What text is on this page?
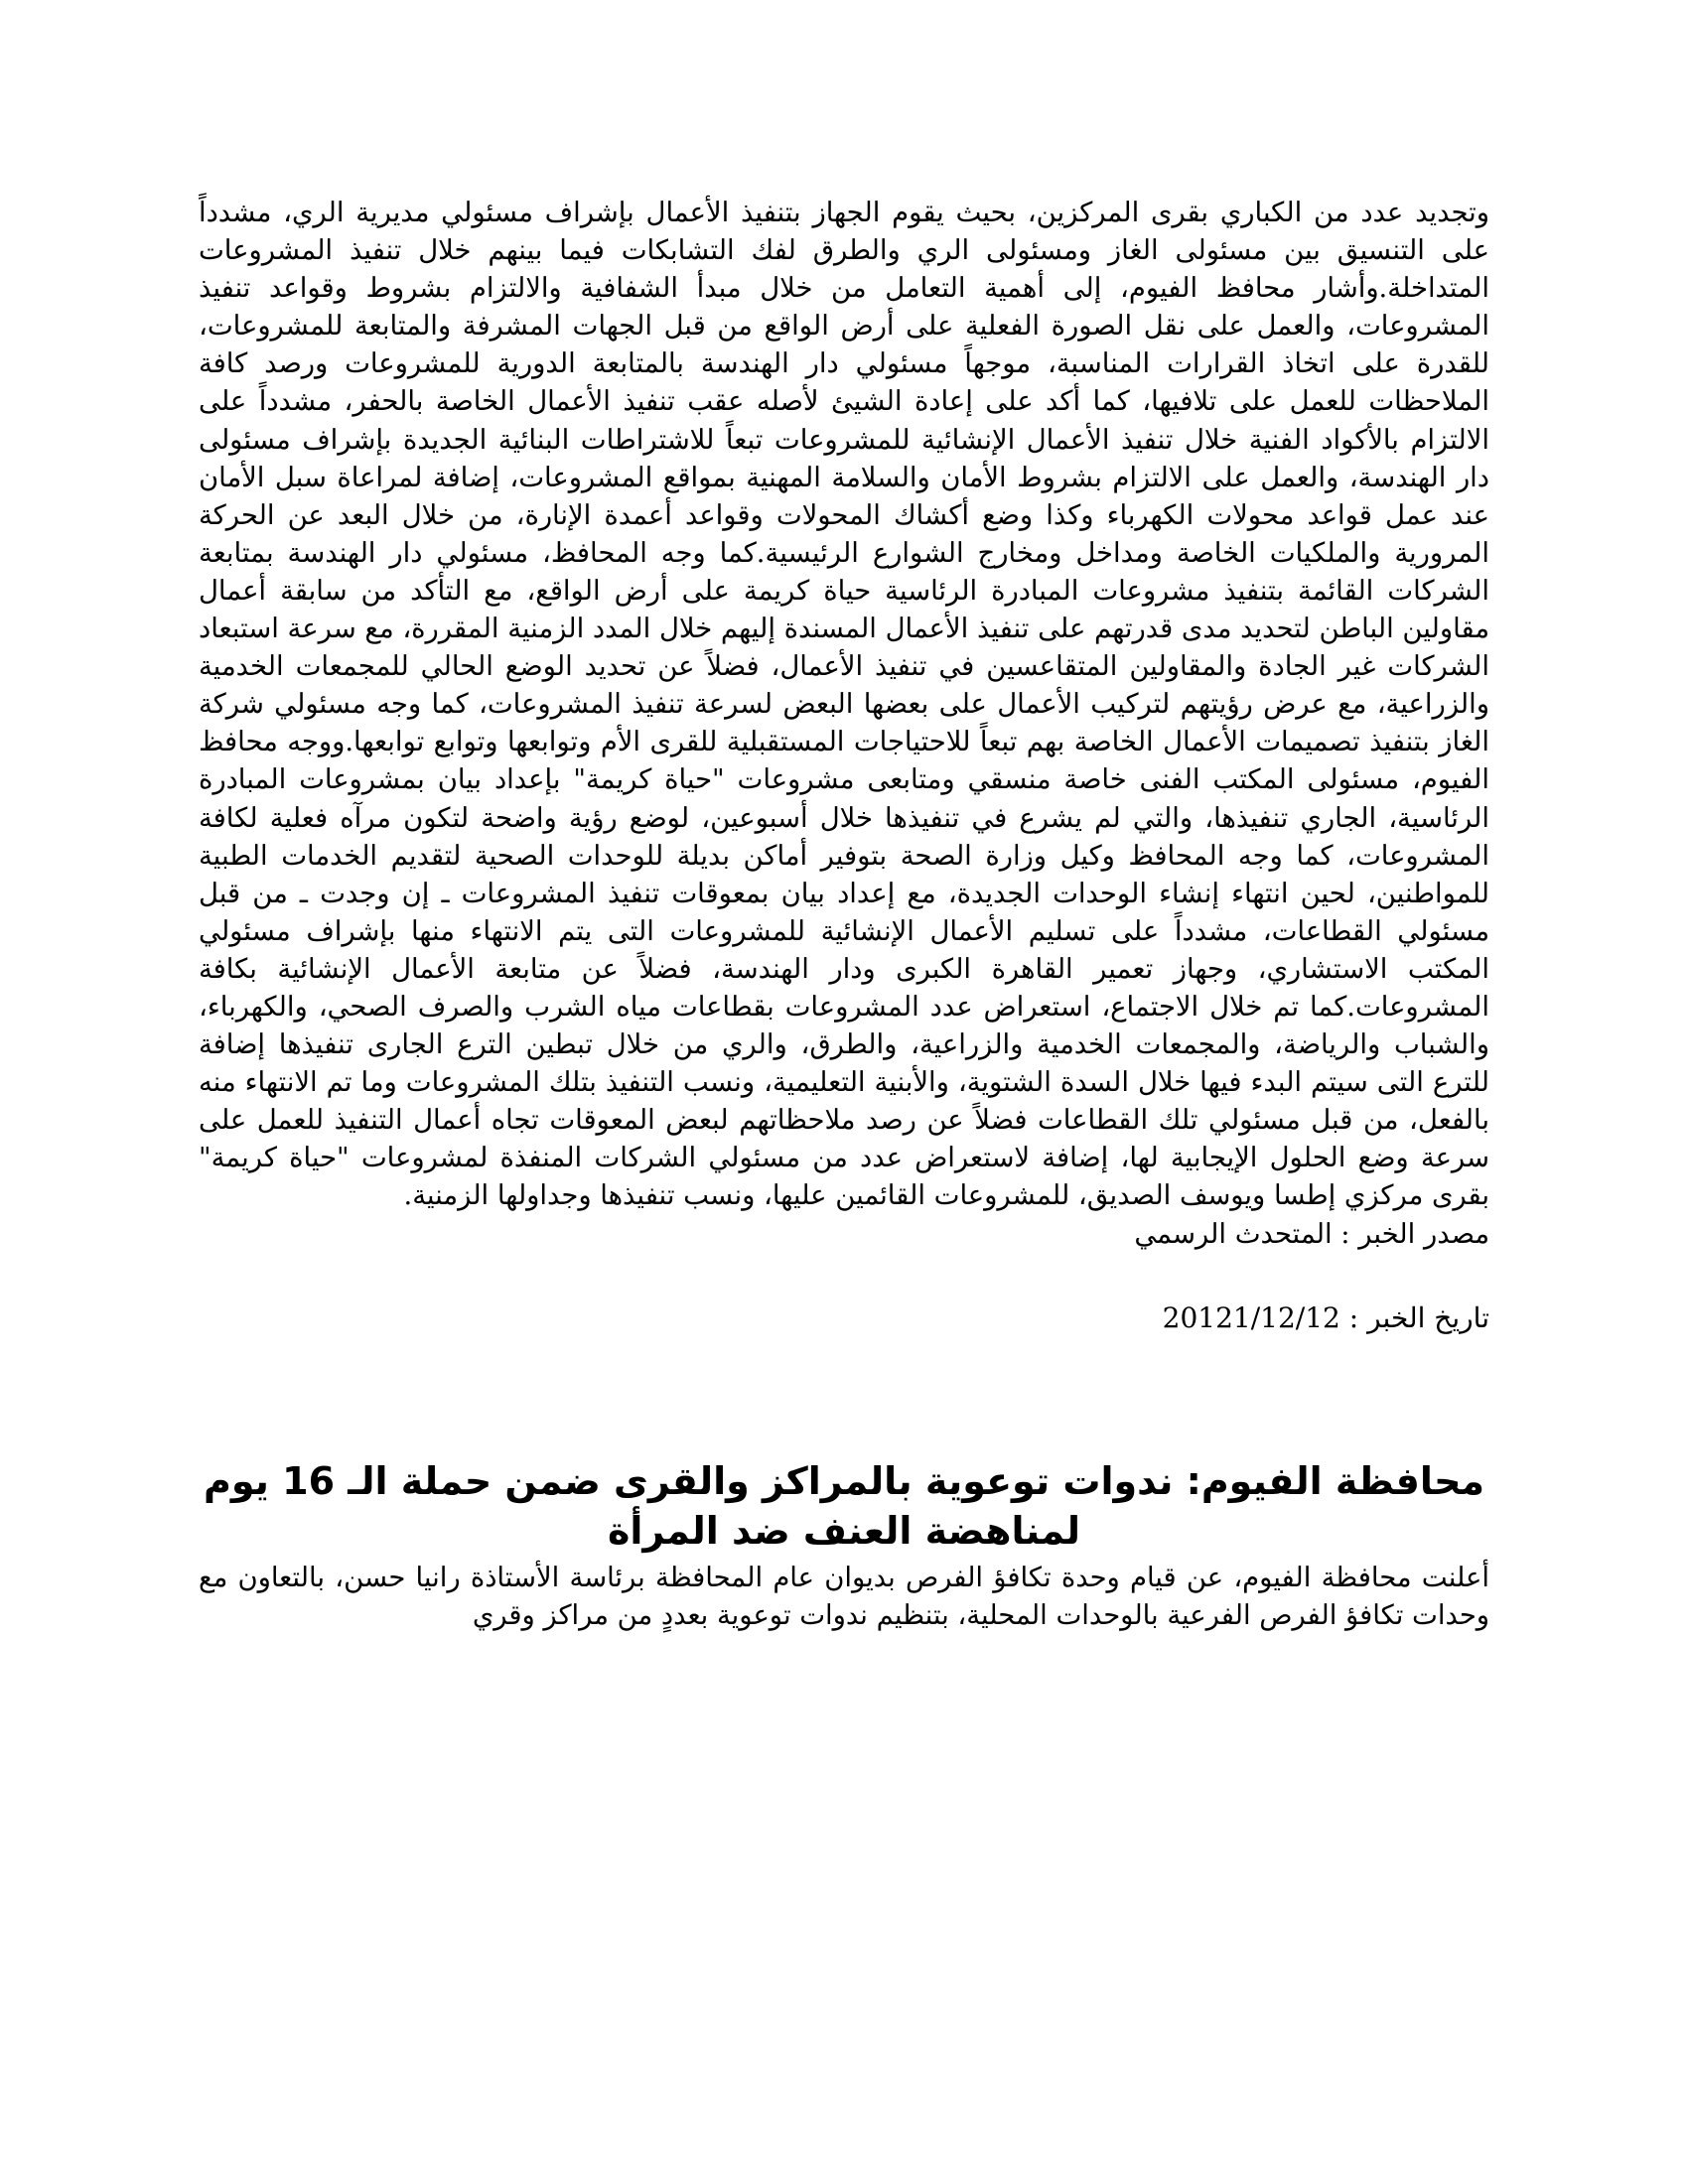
وتجديد عدد من الكباري بقرى المركزين، بحيث يقوم الجهاز بتنفيذ الأعمال بإشراف مسئولي مديرية الري، مشدداً على التنسيق بين مسئولى الغاز ومسئولى الري والطرق لفك التشابكات فيما بينهم خلال تنفيذ المشروعات المتداخلة.وأشار محافظ الفيوم، إلى أهمية التعامل من خلال مبدأ الشفافية والالتزام بشروط وقواعد تنفيذ المشروعات، والعمل على نقل الصورة الفعلية على أرض الواقع من قبل الجهات المشرفة والمتابعة للمشروعات، للقدرة على اتخاذ القرارات المناسبة، موجهاً مسئولي دار الهندسة بالمتابعة الدورية للمشروعات ورصد كافة الملاحظات للعمل على تلافيها، كما أكد على إعادة الشيئ لأصله عقب تنفيذ الأعمال الخاصة بالحفر، مشدداً على الالتزام بالأكواد الفنية خلال تنفيذ الأعمال الإنشائية للمشروعات تبعاً للاشتراطات البنائية الجديدة بإشراف مسئولى دار الهندسة، والعمل على الالتزام بشروط الأمان والسلامة المهنية بمواقع المشروعات، إضافة لمراعاة سبل الأمان عند عمل قواعد محولات الكهرباء وكذا وضع أكشاك المحولات وقواعد أعمدة الإنارة، من خلال البعد عن الحركة المرورية والملكيات الخاصة ومداخل ومخارج الشوارع الرئيسية.كما وجه المحافظ، مسئولي دار الهندسة بمتابعة الشركات القائمة بتنفيذ مشروعات المبادرة الرئاسية حياة كريمة على أرض الواقع، مع التأكد من سابقة أعمال مقاولين الباطن لتحديد مدى قدرتهم على تنفيذ الأعمال المسندة إليهم خلال المدد الزمنية المقررة، مع سرعة استبعاد الشركات غير الجادة والمقاولين المتقاعسين في تنفيذ الأعمال، فضلاً عن تحديد الوضع الحالي للمجمعات الخدمية والزراعية، مع عرض رؤيتهم لتركيب الأعمال على بعضها البعض لسرعة تنفيذ المشروعات، كما وجه مسئولي شركة الغاز بتنفيذ تصميمات الأعمال الخاصة بهم تبعاً للاحتياجات المستقبلية للقرى الأم وتوابعها وتوابع توابعها.ووجه محافظ الفيوم، مسئولى المكتب الفنى خاصة منسقي ومتابعى مشروعات "حياة كريمة" بإعداد بيان بمشروعات المبادرة الرئاسية، الجاري تنفيذها، والتي لم يشرع في تنفيذها خلال أسبوعين، لوضع رؤية واضحة لتكون مرآه فعلية لكافة المشروعات، كما وجه المحافظ وكيل وزارة الصحة بتوفير أماكن بديلة للوحدات الصحية لتقديم الخدمات الطبية للمواطنين، لحين انتهاء إنشاء الوحدات الجديدة، مع إعداد بيان بمعوقات تنفيذ المشروعات ـ إن وجدت ـ من قبل مسئولي القطاعات، مشدداً على تسليم الأعمال الإنشائية للمشروعات التى يتم الانتهاء منها بإشراف مسئولي المكتب الاستشاري، وجهاز تعمير القاهرة الكبرى ودار الهندسة، فضلاً عن متابعة الأعمال الإنشائية بكافة المشروعات.كما تم خلال الاجتماع، استعراض عدد المشروعات بقطاعات مياه الشرب والصرف الصحي، والكهرباء، والشباب والرياضة، والمجمعات الخدمية والزراعية، والطرق، والري من خلال تبطين الترع الجارى تنفيذها إضافة للترع التى سيتم البدء فيها خلال السدة الشتوية، والأبنية التعليمية، ونسب التنفيذ بتلك المشروعات وما تم الانتهاء منه بالفعل، من قبل مسئولي تلك القطاعات فضلاً عن رصد ملاحظاتهم لبعض المعوقات تجاه أعمال التنفيذ للعمل على سرعة وضع الحلول الإيجابية لها، إضافة لاستعراض عدد من مسئولي الشركات المنفذة لمشروعات "حياة كريمة" بقرى مركزي إطسا ويوسف الصديق، للمشروعات القائمين عليها، ونسب تنفيذها وجداولها الزمنية.
مصدر الخبر : المتحدث الرسمي
تاريخ الخبر : 20121/12/12
محافظة الفيوم: ندوات توعوية بالمراكز والقرى ضمن حملة الـ 16 يوم لمناهضة العنف ضد المرأة

أعلنت محافظة الفيوم، عن قيام وحدة تكافؤ الفرص بديوان عام المحافظة برئاسة الأستاذة رانيا حسن، بالتعاون مع وحدات تكافؤ الفرص الفرعية بالوحدات المحلية، بتنظيم ندوات توعوية بعددٍ من مراكز وقري
